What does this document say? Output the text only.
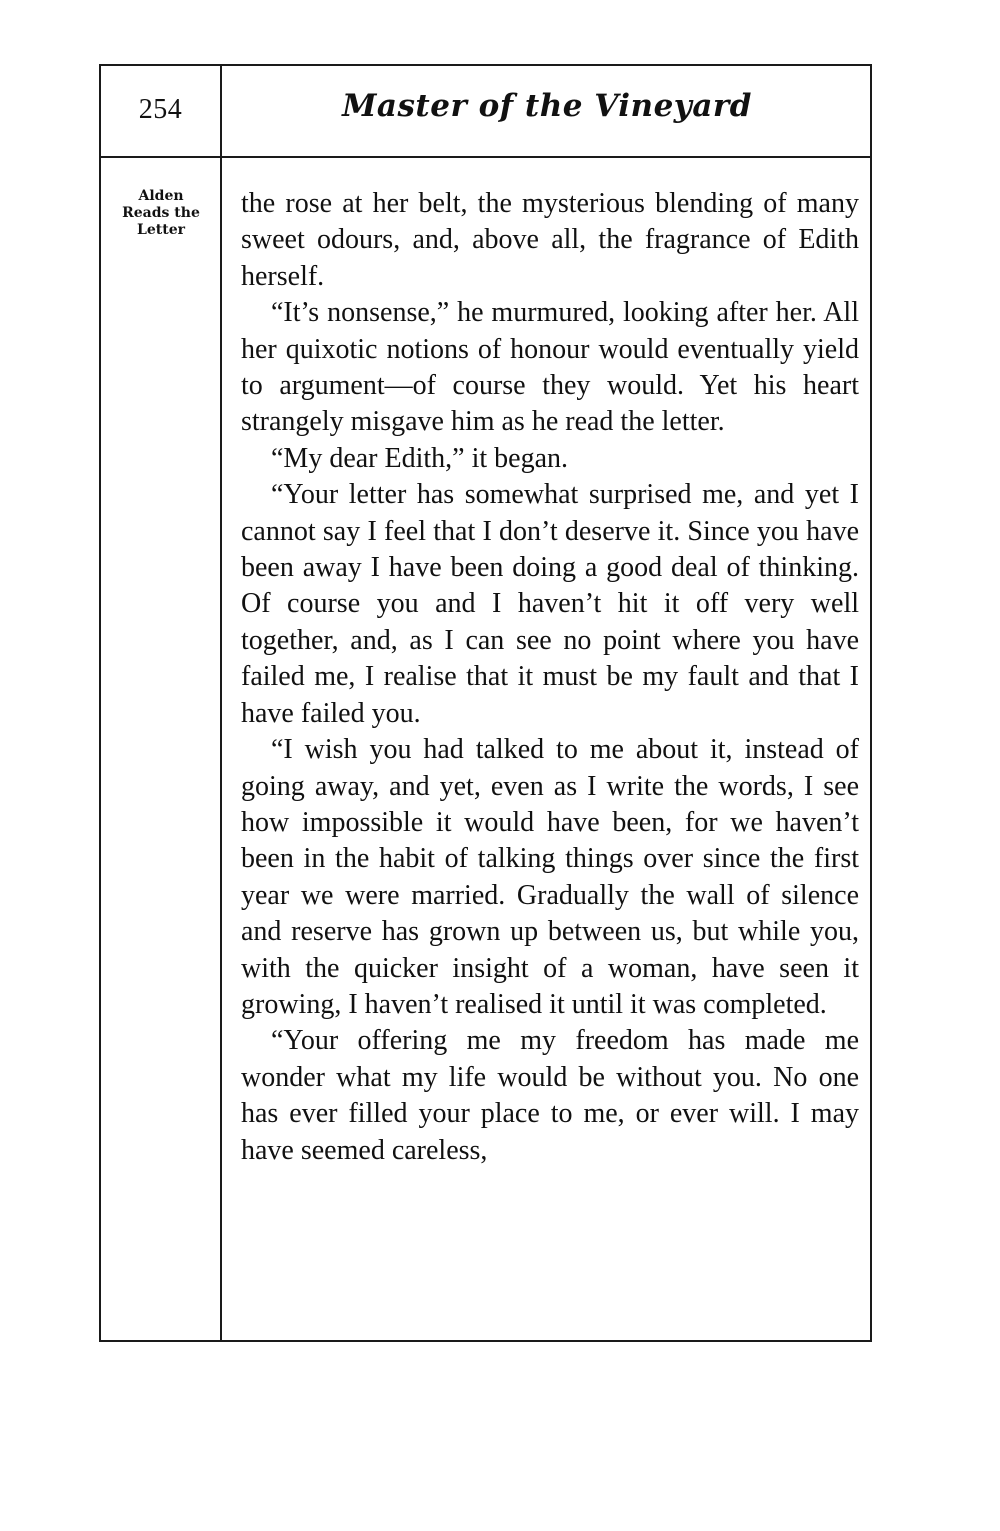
254	Master of the Vineyard
Alden
Reads the
Letter

the rose at her belt, the mysterious blending of many sweet odours, and, above all, the fragrance of Edith herself.

“It’s nonsense,” he murmured, looking after her. All her quixotic notions of honour would eventually yield to argument—of course they would. Yet his heart strangely misgave him as he read the letter.

“My dear Edith,” it began.

“Your letter has somewhat surprised me, and yet I cannot say I feel that I don’t deserve it. Since you have been away I have been doing a good deal of thinking. Of course you and I haven’t hit it off very well together, and, as I can see no point where you have failed me, I realise that it must be my fault and that I have failed you.

“I wish you had talked to me about it, instead of going away, and yet, even as I write the words, I see how impossible it would have been, for we haven’t been in the habit of talking things over since the first year we were married. Gradually the wall of silence and reserve has grown up between us, but while you, with the quicker insight of a woman, have seen it growing, I haven’t realised it until it was completed.

“Your offering me my freedom has made me wonder what my life would be without you. No one has ever filled your place to me, or ever will. I may have seemed careless,
